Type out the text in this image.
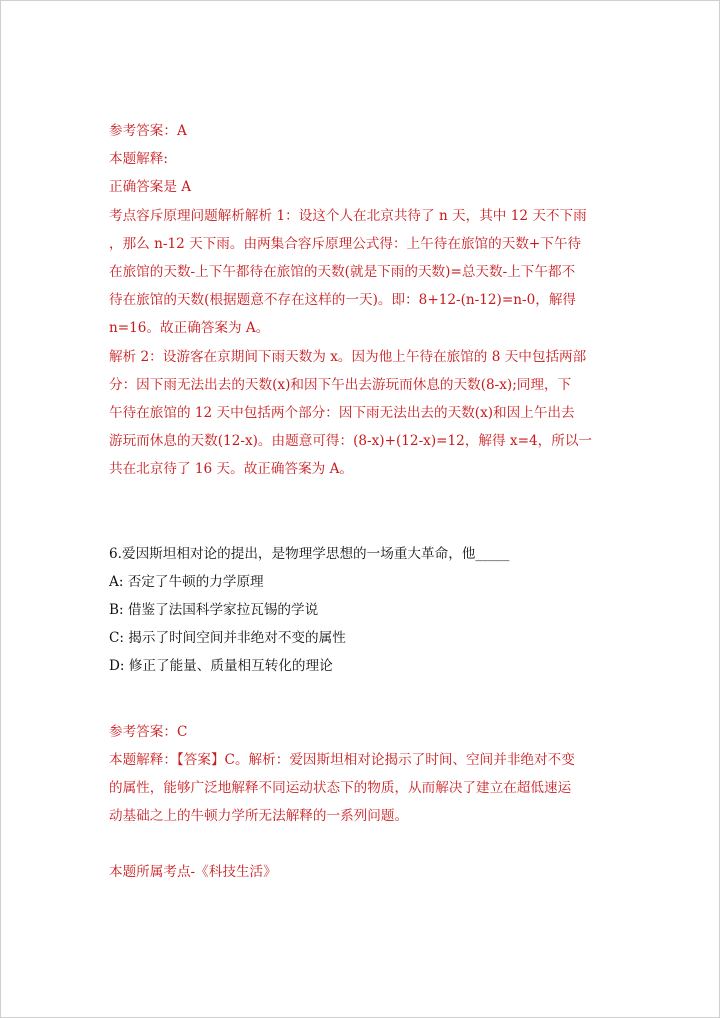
参考答案：A
本题解释:
正确答案是 A
考点容斥原理问题解析解析 1：设这个人在北京共待了 n 天，其中 12 天不下雨
，那么 n-12 天下雨。由两集合容斥原理公式得：上午待在旅馆的天数+下午待
在旅馆的天数-上下午都待在旅馆的天数(就是下雨的天数)=总天数-上下午都不
待在旅馆的天数(根据题意不存在这样的一天)。即：8+12-(n-12)=n-0，解得
n=16。故正确答案为 A。
解析 2：设游客在京期间下雨天数为 x。因为他上午待在旅馆的 8 天中包括两部
分：因下雨无法出去的天数(x)和因下午出去游玩而休息的天数(8-x);同理，下
午待在旅馆的 12 天中包括两个部分：因下雨无法出去的天数(x)和因上午出去
游玩而休息的天数(12-x)。由题意可得：(8-x)+(12-x)=12，解得 x=4，所以一
共在北京待了 16 天。故正确答案为 A。
6.爱因斯坦相对论的提出，是物理学思想的一场重大革命，他_____
A: 否定了牛顿的力学原理
B: 借鉴了法国科学家拉瓦锡的学说
C: 揭示了时间空间并非绝对不变的属性
D: 修正了能量、质量相互转化的理论
参考答案：C
本题解释：【答案】C。解析：爱因斯坦相对论揭示了时间、空间并非绝对不变
的属性，能够广泛地解释不同运动状态下的物质，从而解决了建立在超低速运
动基础之上的牛顿力学所无法解释的一系列问题。
本题所属考点-《科技生活》
